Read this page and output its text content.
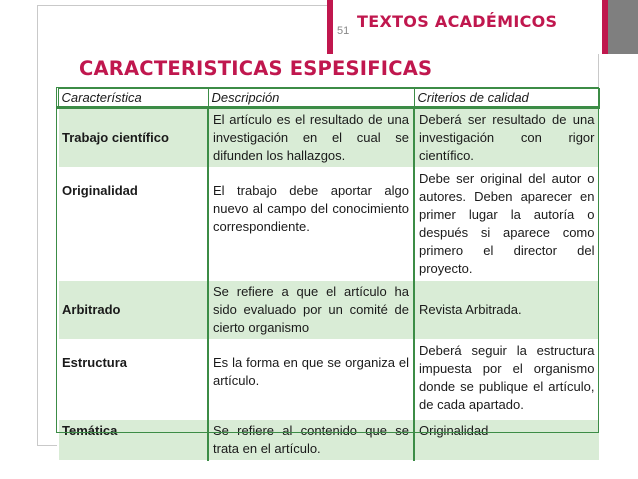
51 TEXTOS ACADÉMICOS
CARACTERISTICAS ESPESIFICAS
Característica	Descripción	Criterios de calidad
Trabajo científico	El artículo es el resultado de una investigación en el cual se difunden los hallazgos.	Deberá ser resultado de una investigación con rigor científico.
Originalidad	El trabajo debe aportar algo nuevo al campo del conocimiento correspondiente.	Debe ser original del autor o autores. Deben aparecer en primer lugar la autoría o después si aparece como primero el director del proyecto.
Arbitrado	Se refiere a que el artículo ha sido evaluado por un comité de cierto organismo	Revista Arbitrada.
Estructura	Es la forma en que se organiza el artículo.	Deberá seguir la estructura impuesta por el organismo donde se publique el artículo, de cada apartado.
Temática	Se refiere al contenido que se trata en el artículo.	Originalidad
